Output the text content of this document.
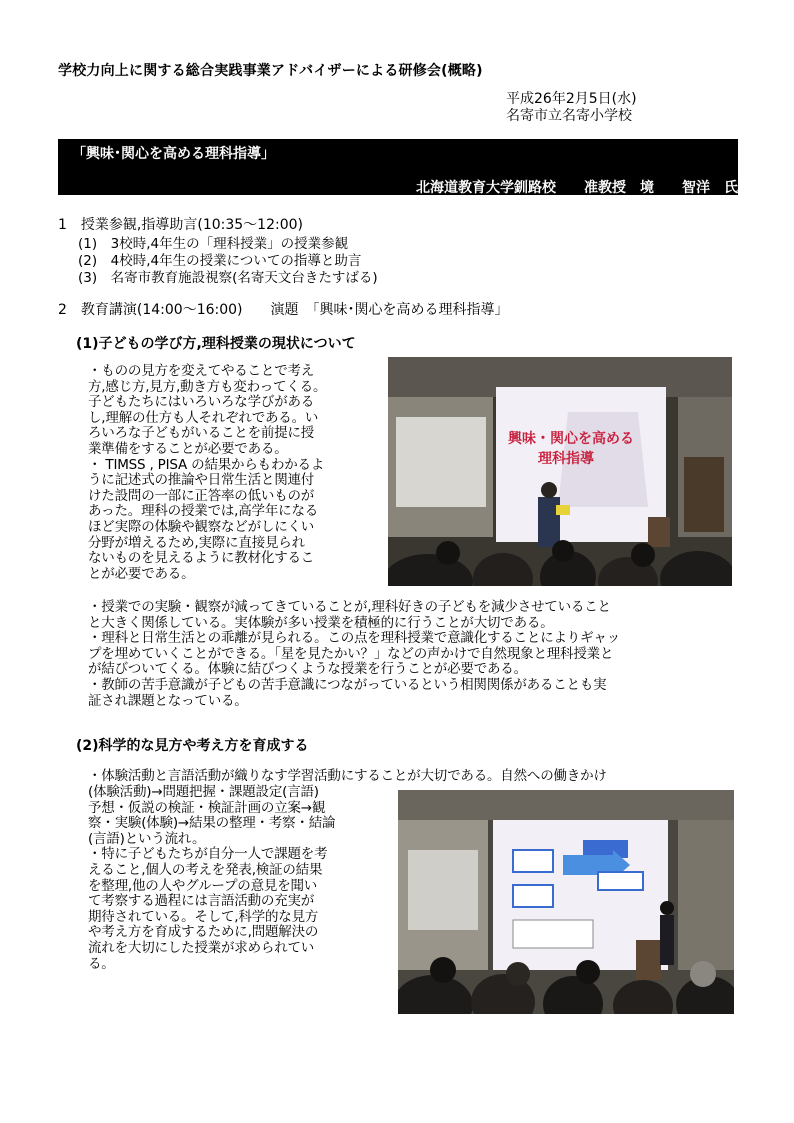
学校力向上に関する総合実践事業アドバイザーによる研修会(概略)
平成26年2月5日(水)
名寄市立名寄小学校
「興味･関心を高める理科指導」
北海道教育大学釧路校　　准教授　境　　智洋　氏
1　授業参観,指導助言(10:35〜12:00)
(1)　3校時,4年生の「理科授業」の授業参観
(2)　4校時,4年生の授業についての指導と助言
(3)　名寄市教育施設視察(名寄天文台きたすばる)
2　教育講演(14:00〜16:00)　　演題　「興味･関心を高める理科指導」
(1)子どもの学び方,理科授業の現状について
・ものの見方を変えてやることで考え
方,感じ方,見方,動き方も変わってくる。
子どもたちにはいろいろな学びがある
し,理解の仕方も人それぞれである。い
ろいろな子どもがいることを前提に授
業準備をすることが必要である。
・ TIMSS , PISA の結果からもわかるよ
うに記述式の推論や日常生活と関連付
けた設問の一部に正答率の低いものが
あった。理科の授業では,高学年になる
ほど実際の体験や観察などがしにくい
分野が増えるため,実際に直接見られ
ないものを見えるように教材化するこ
とが必要である。
興味・関心を高める
理科指導
・授業での実験・観察が減ってきていることが,理科好きの子どもを減少させていること
と大きく関係している。実体験が多い授業を積極的に行うことが大切である。
・理科と日常生活との乖離が見られる。この点を理科授業で意識化することによりギャッ
プを埋めていくことができる。「星を見たかい？」などの声かけで自然現象と理科授業と
が結びついてくる。体験に結びつくような授業を行うことが必要である。
・教師の苦手意識が子どもの苦手意識につながっているという相関関係があることも実
証され課題となっている。
(2)科学的な見方や考え方を育成する
・体験活動と言語活動が織りなす学習活動にすることが大切である。自然への働きかけ
(体験活動)→問題把握・課題設定(言語)
予想・仮説の検証・検証計画の立案→観
察・実験(体験)→結果の整理・考察・結論
(言語)という流れ。
・特に子どもたちが自分一人で課題を考
えること,個人の考えを発表,検証の結果
を整理,他の人やグループの意見を聞い
て考察する過程には言語活動の充実が
期待されている。そして,科学的な見方
や考え方を育成するために,問題解決の
流れを大切にした授業が求められてい
る。
